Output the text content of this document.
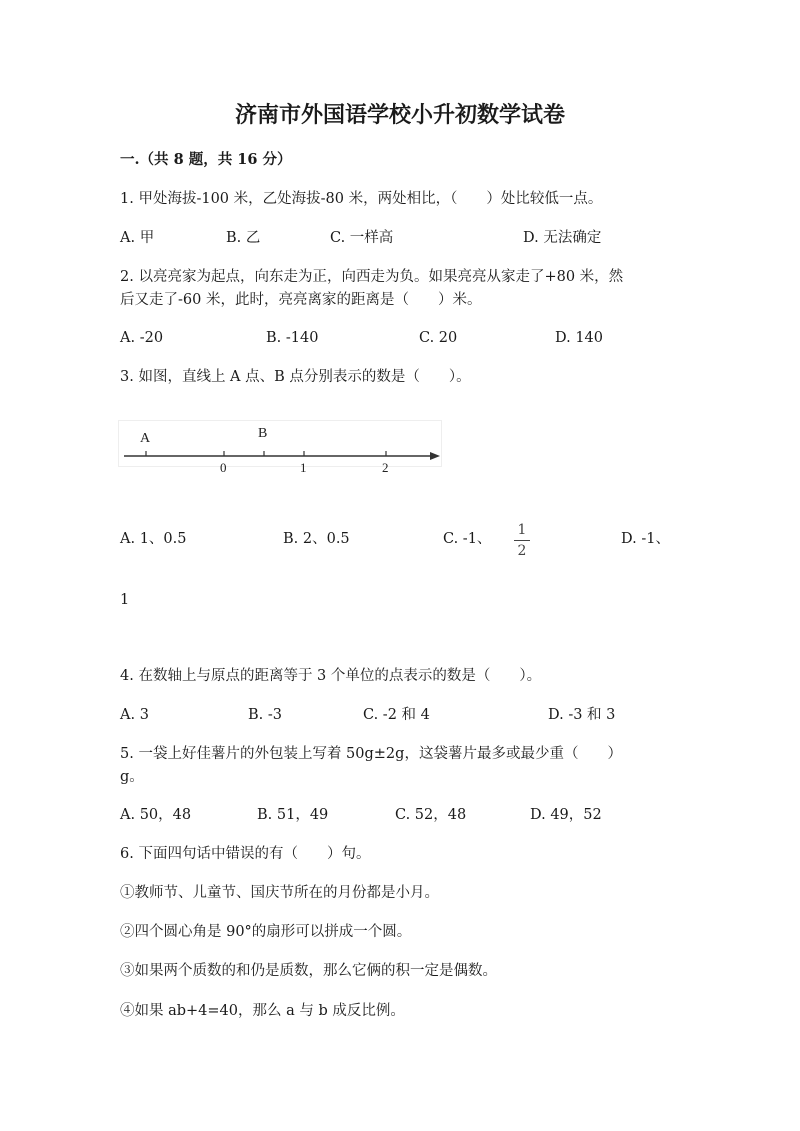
济南市外国语学校小升初数学试卷
一.（共 8 题，共 16 分）
1. 甲处海拔-100 米，乙处海拔-80 米，两处相比，（　　）处比较低一点。
A. 甲	B. 乙	C. 一样高	D. 无法确定
2. 以亮亮家为起点，向东走为正，向西走为负。如果亮亮从家走了+80 米，然
后又走了-60 米，此时，亮亮离家的距离是（　　）米。
A. -20	B. -140	C. 20	D. 140
3. 如图，直线上 A 点、B 点分别表示的数是（　　）。
A	B
0	1	2
A. 1、0.5	B. 2、0.5	C. -1、
1
2
D. -1、
1
4. 在数轴上与原点的距离等于 3 个单位的点表示的数是（　　）。
A. 3	B. -3	C. -2 和 4	D. -3 和 3
5. 一袋上好佳薯片的外包装上写着 50g±2g，这袋薯片最多或最少重（　　）
g。
A. 50，48	B. 51，49	C. 52，48	D. 49，52
6. 下面四句话中错误的有（　　）句。
①教师节、儿童节、国庆节所在的月份都是小月。
②四个圆心角是 90°的扇形可以拼成一个圆。
③如果两个质数的和仍是质数，那么它俩的积一定是偶数。
④如果 ab+4=40，那么 a 与 b 成反比例。
